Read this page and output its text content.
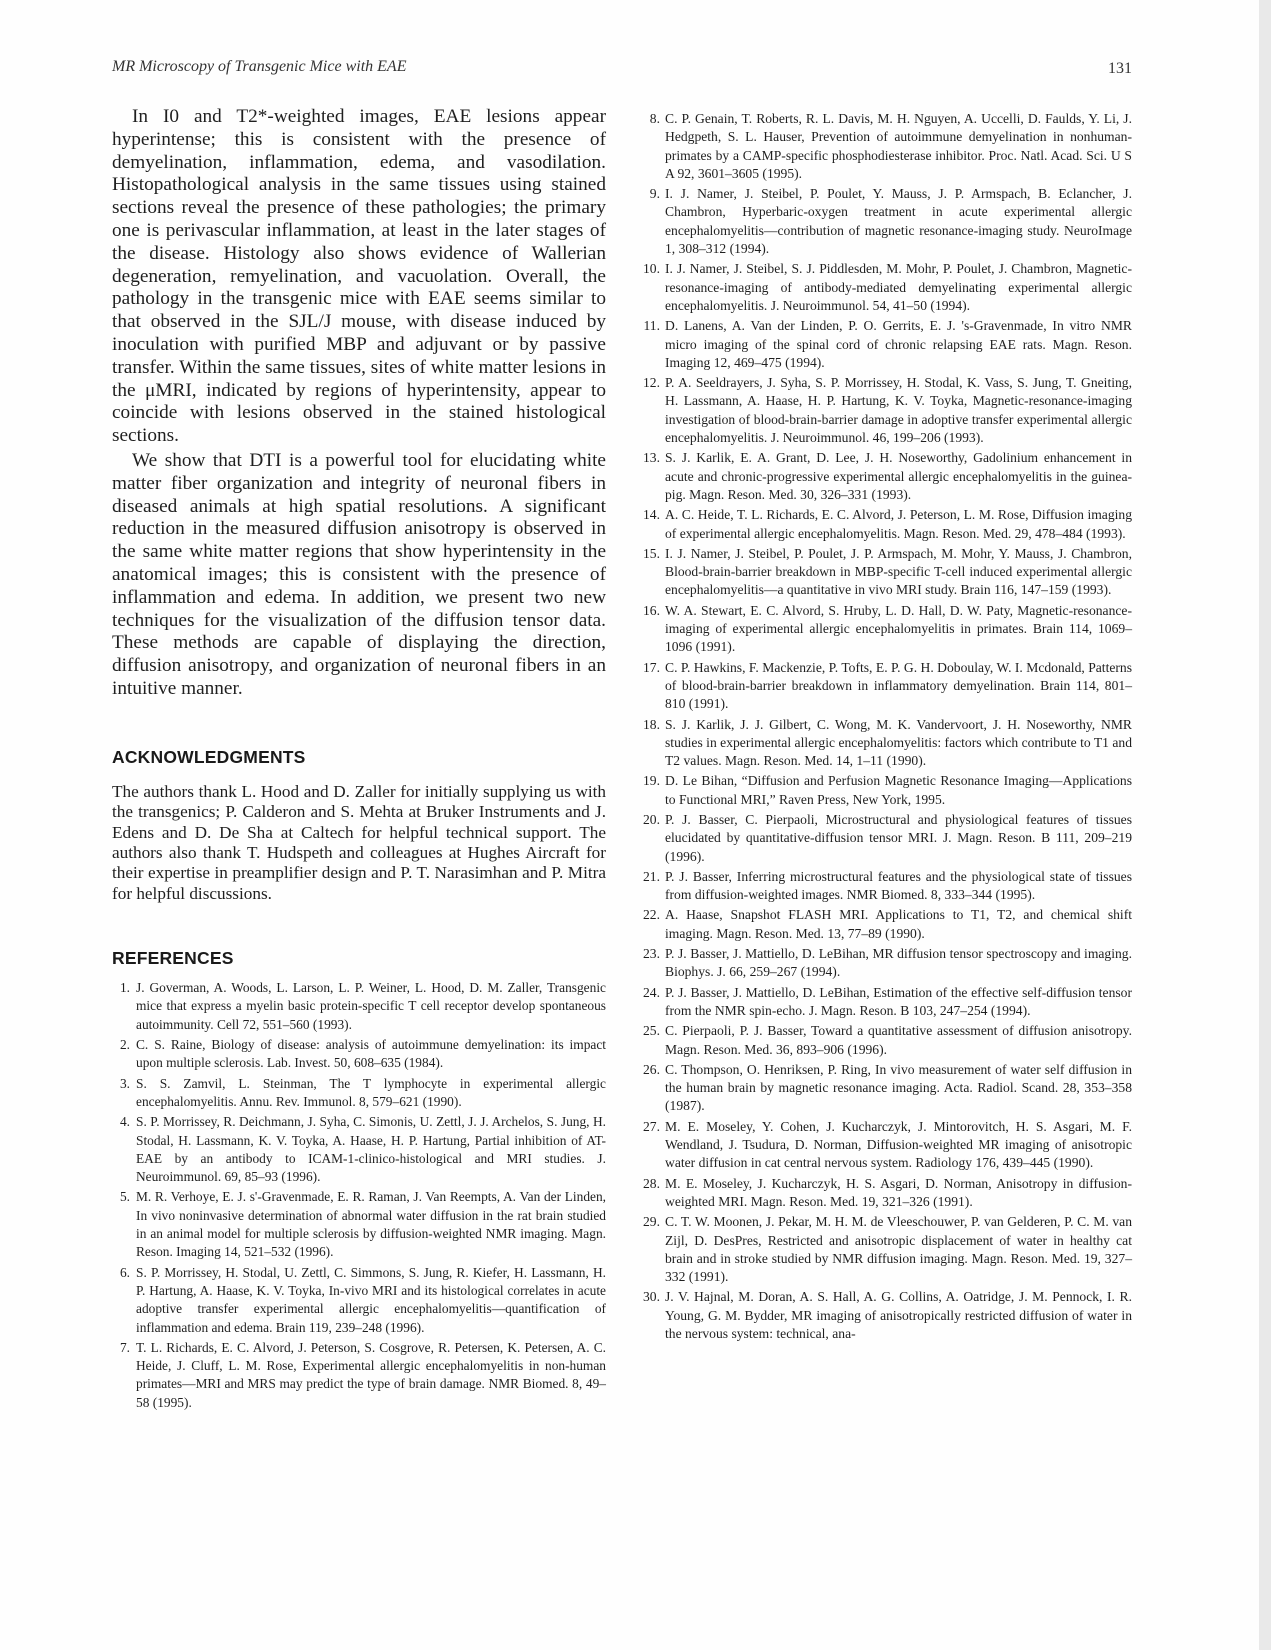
MR Microscopy of Transgenic Mice with EAE	131

In I0 and T2*-weighted images, EAE lesions appear hyperintense; this is consistent with the presence of demyelination, inflammation, edema, and vasodilation. Histopathological analysis in the same tissues using stained sections reveal the presence of these pathologies; the primary one is perivascular inflammation, at least in the later stages of the disease. Histology also shows evidence of Wallerian degeneration, remyelination, and vacuolation. Overall, the pathology in the transgenic mice with EAE seems similar to that observed in the SJL/J mouse, with disease induced by inoculation with purified MBP and adjuvant or by passive transfer. Within the same tissues, sites of white matter lesions in the μMRI, indicated by regions of hyperintensity, appear to coincide with lesions observed in the stained histological sections.

We show that DTI is a powerful tool for elucidating white matter fiber organization and integrity of neuronal fibers in diseased animals at high spatial resolutions. A significant reduction in the measured diffusion anisotropy is observed in the same white matter regions that show hyperintensity in the anatomical images; this is consistent with the presence of inflammation and edema. In addition, we present two new techniques for the visualization of the diffusion tensor data. These methods are capable of displaying the direction, diffusion anisotropy, and organization of neuronal fibers in an intuitive manner.

ACKNOWLEDGMENTS

The authors thank L. Hood and D. Zaller for initially supplying us with the transgenics; P. Calderon and S. Mehta at Bruker Instruments and J. Edens and D. De Sha at Caltech for helpful technical support. The authors also thank T. Hudspeth and colleagues at Hughes Aircraft for their expertise in preamplifier design and P. T. Narasimhan and P. Mitra for helpful discussions.

REFERENCES
1. J. Goverman, A. Woods, L. Larson, L. P. Weiner, L. Hood, D. M. Zaller, Transgenic mice that express a myelin basic protein-specific T cell receptor develop spontaneous autoimmunity. Cell 72, 551–560 (1993).
2. C. S. Raine, Biology of disease: analysis of autoimmune demyelination: its impact upon multiple sclerosis. Lab. Invest. 50, 608–635 (1984).
3. S. S. Zamvil, L. Steinman, The T lymphocyte in experimental allergic encephalomyelitis. Annu. Rev. Immunol. 8, 579–621 (1990).
4. S. P. Morrissey, R. Deichmann, J. Syha, C. Simonis, U. Zettl, J. J. Archelos, S. Jung, H. Stodal, H. Lassmann, K. V. Toyka, A. Haase, H. P. Hartung, Partial inhibition of AT-EAE by an antibody to ICAM-1-clinico-histological and MRI studies. J. Neuroimmunol. 69, 85–93 (1996).
5. M. R. Verhoye, E. J. s'-Gravenmade, E. R. Raman, J. Van Reempts, A. Van der Linden, In vivo noninvasive determination of abnormal water diffusion in the rat brain studied in an animal model for multiple sclerosis by diffusion-weighted NMR imaging. Magn. Reson. Imaging 14, 521–532 (1996).
6. S. P. Morrissey, H. Stodal, U. Zettl, C. Simmons, S. Jung, R. Kiefer, H. Lassmann, H. P. Hartung, A. Haase, K. V. Toyka, In-vivo MRI and its histological correlates in acute adoptive transfer experimental allergic encephalomyelitis—quantification of inflammation and edema. Brain 119, 239–248 (1996).
7. T. L. Richards, E. C. Alvord, J. Peterson, S. Cosgrove, R. Petersen, K. Petersen, A. C. Heide, J. Cluff, L. M. Rose, Experimental allergic encephalomyelitis in non-human primates—MRI and MRS may predict the type of brain damage. NMR Biomed. 8, 49–58 (1995).
8. C. P. Genain, T. Roberts, R. L. Davis, M. H. Nguyen, A. Uccelli, D. Faulds, Y. Li, J. Hedgpeth, S. L. Hauser, Prevention of autoimmune demyelination in nonhuman-primates by a CAMP-specific phosphodiesterase inhibitor. Proc. Natl. Acad. Sci. U S A 92, 3601–3605 (1995).
9. I. J. Namer, J. Steibel, P. Poulet, Y. Mauss, J. P. Armspach, B. Eclancher, J. Chambron, Hyperbaric-oxygen treatment in acute experimental allergic encephalomyelitis—contribution of magnetic resonance-imaging study. NeuroImage 1, 308–312 (1994).
10. I. J. Namer, J. Steibel, S. J. Piddlesden, M. Mohr, P. Poulet, J. Chambron, Magnetic-resonance-imaging of antibody-mediated demyelinating experimental allergic encephalomyelitis. J. Neuroimmunol. 54, 41–50 (1994).
11. D. Lanens, A. Van der Linden, P. O. Gerrits, E. J. 's-Gravenmade, In vitro NMR micro imaging of the spinal cord of chronic relapsing EAE rats. Magn. Reson. Imaging 12, 469–475 (1994).
12. P. A. Seeldrayers, J. Syha, S. P. Morrissey, H. Stodal, K. Vass, S. Jung, T. Gneiting, H. Lassmann, A. Haase, H. P. Hartung, K. V. Toyka, Magnetic-resonance-imaging investigation of blood-brain-barrier damage in adoptive transfer experimental allergic encephalomyelitis. J. Neuroimmunol. 46, 199–206 (1993).
13. S. J. Karlik, E. A. Grant, D. Lee, J. H. Noseworthy, Gadolinium enhancement in acute and chronic-progressive experimental allergic encephalomyelitis in the guinea-pig. Magn. Reson. Med. 30, 326–331 (1993).
14. A. C. Heide, T. L. Richards, E. C. Alvord, J. Peterson, L. M. Rose, Diffusion imaging of experimental allergic encephalomyelitis. Magn. Reson. Med. 29, 478–484 (1993).
15. I. J. Namer, J. Steibel, P. Poulet, J. P. Armspach, M. Mohr, Y. Mauss, J. Chambron, Blood-brain-barrier breakdown in MBP-specific T-cell induced experimental allergic encephalomyelitis—a quantitative in vivo MRI study. Brain 116, 147–159 (1993).
16. W. A. Stewart, E. C. Alvord, S. Hruby, L. D. Hall, D. W. Paty, Magnetic-resonance-imaging of experimental allergic encephalomyelitis in primates. Brain 114, 1069–1096 (1991).
17. C. P. Hawkins, F. Mackenzie, P. Tofts, E. P. G. H. Doboulay, W. I. Mcdonald, Patterns of blood-brain-barrier breakdown in inflammatory demyelination. Brain 114, 801–810 (1991).
18. S. J. Karlik, J. J. Gilbert, C. Wong, M. K. Vandervoort, J. H. Noseworthy, NMR studies in experimental allergic encephalomyelitis: factors which contribute to T1 and T2 values. Magn. Reson. Med. 14, 1–11 (1990).
19. D. Le Bihan, “Diffusion and Perfusion Magnetic Resonance Imaging—Applications to Functional MRI,” Raven Press, New York, 1995.
20. P. J. Basser, C. Pierpaoli, Microstructural and physiological features of tissues elucidated by quantitative-diffusion tensor MRI. J. Magn. Reson. B 111, 209–219 (1996).
21. P. J. Basser, Inferring microstructural features and the physiological state of tissues from diffusion-weighted images. NMR Biomed. 8, 333–344 (1995).
22. A. Haase, Snapshot FLASH MRI. Applications to T1, T2, and chemical shift imaging. Magn. Reson. Med. 13, 77–89 (1990).
23. P. J. Basser, J. Mattiello, D. LeBihan, MR diffusion tensor spectroscopy and imaging. Biophys. J. 66, 259–267 (1994).
24. P. J. Basser, J. Mattiello, D. LeBihan, Estimation of the effective self-diffusion tensor from the NMR spin-echo. J. Magn. Reson. B 103, 247–254 (1994).
25. C. Pierpaoli, P. J. Basser, Toward a quantitative assessment of diffusion anisotropy. Magn. Reson. Med. 36, 893–906 (1996).
26. C. Thompson, O. Henriksen, P. Ring, In vivo measurement of water self diffusion in the human brain by magnetic resonance imaging. Acta. Radiol. Scand. 28, 353–358 (1987).
27. M. E. Moseley, Y. Cohen, J. Kucharczyk, J. Mintorovitch, H. S. Asgari, M. F. Wendland, J. Tsudura, D. Norman, Diffusion-weighted MR imaging of anisotropic water diffusion in cat central nervous system. Radiology 176, 439–445 (1990).
28. M. E. Moseley, J. Kucharczyk, H. S. Asgari, D. Norman, Anisotropy in diffusion-weighted MRI. Magn. Reson. Med. 19, 321–326 (1991).
29. C. T. W. Moonen, J. Pekar, M. H. M. de Vleeschouwer, P. van Gelderen, P. C. M. van Zijl, D. DesPres, Restricted and anisotropic displacement of water in healthy cat brain and in stroke studied by NMR diffusion imaging. Magn. Reson. Med. 19, 327–332 (1991).
30. J. V. Hajnal, M. Doran, A. S. Hall, A. G. Collins, A. Oatridge, J. M. Pennock, I. R. Young, G. M. Bydder, MR imaging of anisotropically restricted diffusion of water in the nervous system: technical, ana-
